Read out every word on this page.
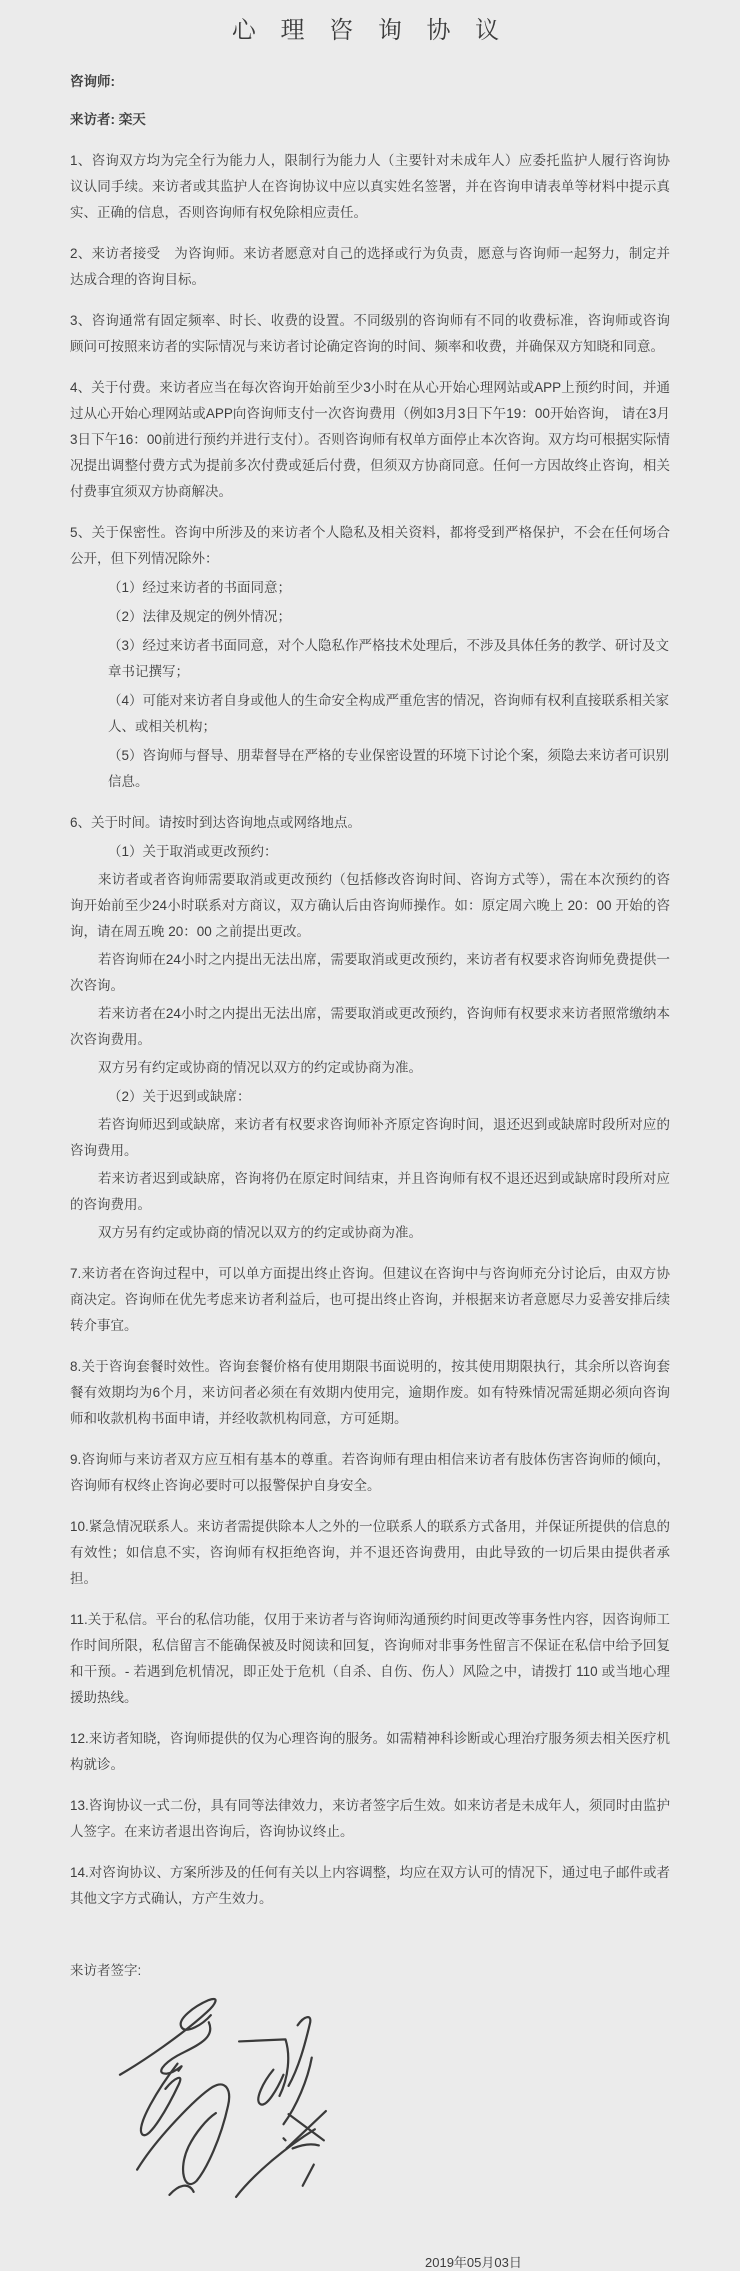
心 理 咨 询 协 议
咨询师:
来访者: 栾天

1、咨询双方均为完全行为能力人，限制行为能力人（主要针对未成年人）应委托监护人履行咨询协议认同手续。来访者或其监护人在咨询协议中应以真实姓名签署，并在咨询申请表单等材料中提示真实、正确的信息，否则咨询师有权免除相应责任。

2、来访者接受　为咨询师。来访者愿意对自己的选择或行为负责，愿意与咨询师一起努力，制定并达成合理的咨询目标。

3、咨询通常有固定频率、时长、收费的设置。不同级别的咨询师有不同的收费标准，咨询师或咨询顾问可按照来访者的实际情况与来访者讨论确定咨询的时间、频率和收费，并确保双方知晓和同意。

4、关于付费。来访者应当在每次咨询开始前至少3小时在从心开始心理网站或APP上预约时间，并通过从心开始心理网站或APP向咨询师支付一次咨询费用（例如3月3日下午19：00开始咨询， 请在3月3日下午16：00前进行预约并进行支付）。否则咨询师有权单方面停止本次咨询。双方均可根据实际情况提出调整付费方式为提前多次付费或延后付费，但须双方协商同意。任何一方因故终止咨询，相关付费事宜须双方协商解决。

5、关于保密性。咨询中所涉及的来访者个人隐私及相关资料，都将受到严格保护，不会在任何场合公开，但下列情况除外：

（1）经过来访者的书面同意；

（2）法律及规定的例外情况；

（3）经过来访者书面同意，对个人隐私作严格技术处理后，不涉及具体任务的教学、研讨及文章书记撰写；

（4）可能对来访者自身或他人的生命安全构成严重危害的情况，咨询师有权利直接联系相关家人、或相关机构；

（5）咨询师与督导、朋辈督导在严格的专业保密设置的环境下讨论个案，须隐去来访者可识别信息。

6、关于时间。请按时到达咨询地点或网络地点。

（1）关于取消或更改预约：

来访者或者咨询师需要取消或更改预约（包括修改咨询时间、咨询方式等），需在本次预约的咨询开始前至少24小时联系对方商议，双方确认后由咨询师操作。如：原定周六晚上 20：00 开始的咨询，请在周五晚 20：00 之前提出更改。

若咨询师在24小时之内提出无法出席，需要取消或更改预约，来访者有权要求咨询师免费提供一次咨询。

若来访者在24小时之内提出无法出席，需要取消或更改预约，咨询师有权要求来访者照常缴纳本次咨询费用。

双方另有约定或协商的情况以双方的约定或协商为准。

（2）关于迟到或缺席：

若咨询师迟到或缺席，来访者有权要求咨询师补齐原定咨询时间，退还迟到或缺席时段所对应的咨询费用。

若来访者迟到或缺席，咨询将仍在原定时间结束，并且咨询师有权不退还迟到或缺席时段所对应的咨询费用。

双方另有约定或协商的情况以双方的约定或协商为准。

7.来访者在咨询过程中，可以单方面提出终止咨询。但建议在咨询中与咨询师充分讨论后，由双方协商决定。咨询师在优先考虑来访者利益后，也可提出终止咨询，并根据来访者意愿尽力妥善安排后续转介事宜。

8.关于咨询套餐时效性。咨询套餐价格有使用期限书面说明的，按其使用期限执行，其余所以咨询套餐有效期均为6个月，来访问者必须在有效期内使用完，逾期作废。如有特殊情况需延期必须向咨询师和收款机构书面申请，并经收款机构同意，方可延期。

9.咨询师与来访者双方应互相有基本的尊重。若咨询师有理由相信来访者有肢体伤害咨询师的倾向，咨询师有权终止咨询必要时可以报警保护自身安全。

10.紧急情况联系人。来访者需提供除本人之外的一位联系人的联系方式备用，并保证所提供的信息的有效性；如信息不实，咨询师有权拒绝咨询，并不退还咨询费用，由此导致的一切后果由提供者承担。

11.关于私信。平台的私信功能，仅用于来访者与咨询师沟通预约时间更改等事务性内容，因咨询师工作时间所限，私信留言不能确保被及时阅读和回复，咨询师对非事务性留言不保证在私信中给予回复和干预。- 若遇到危机情况，即正处于危机（自杀、自伤、伤人）风险之中，请拨打 110 或当地心理援助热线。

12.来访者知晓，咨询师提供的仅为心理咨询的服务。如需精神科诊断或心理治疗服务须去相关医疗机构就诊。

13.咨询协议一式二份，具有同等法律效力，来访者签字后生效。如来访者是未成年人，须同时由监护人签字。在来访者退出咨询后，咨询协议终止。

14.对咨询协议、方案所涉及的任何有关以上内容调整，均应在双方认可的情况下，通过电子邮件或者其他文字方式确认，方产生效力。

来访者签字:
2019年05月03日
